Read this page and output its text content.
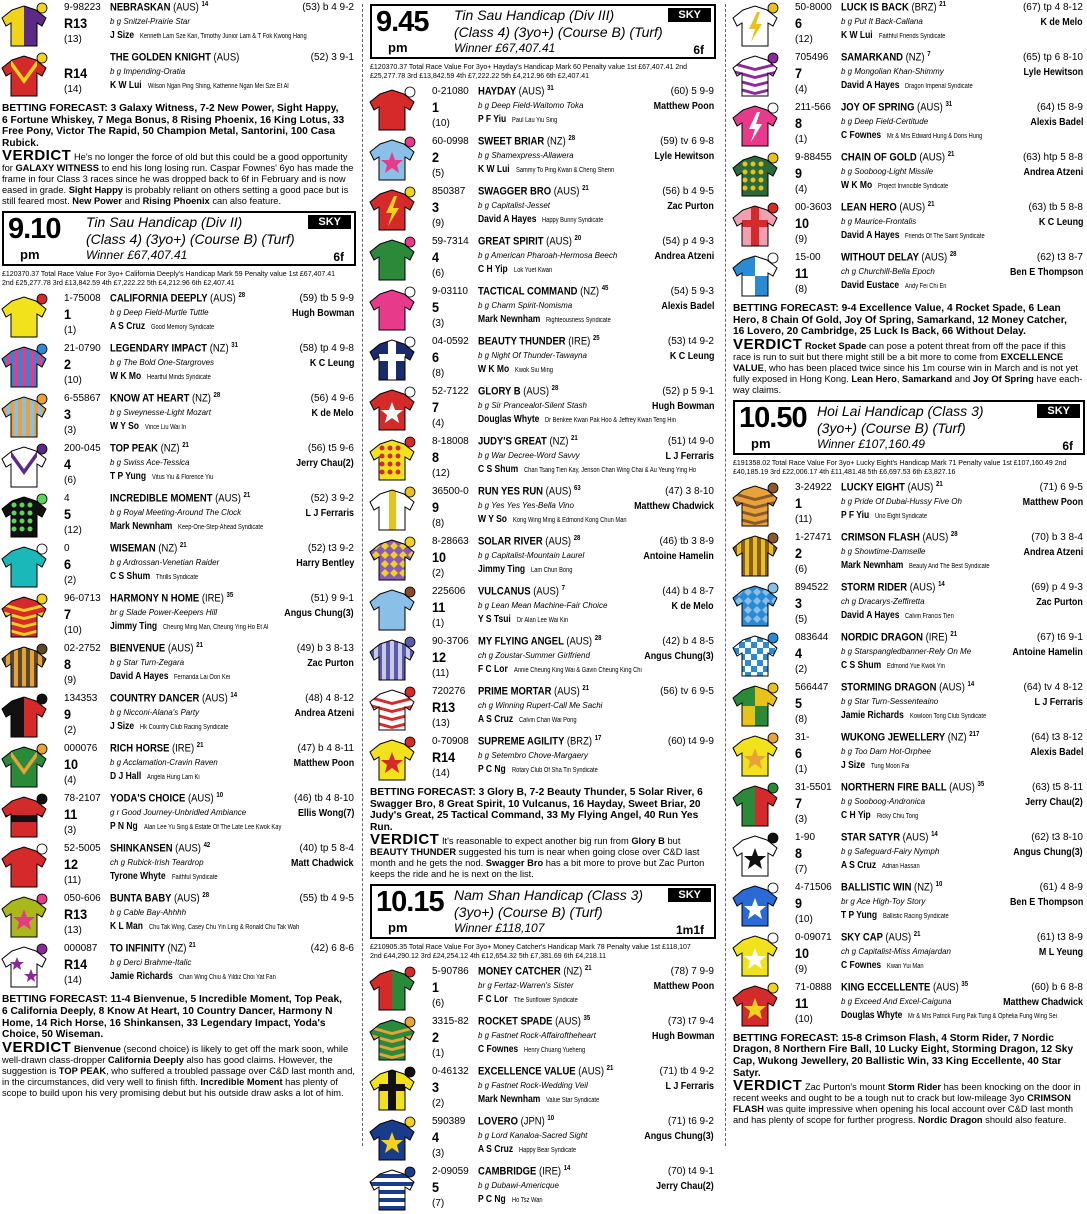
9-98223 NEBRASKAN (AUS) $^{14}$	(53) b 4 9-2
R13
(13)
b g Snitzel-Prairie Star
J Size Kenneth Lam Sze Kan, Timothy Junior Lam & T Fok Kwong Hang
THE GOLDEN KNIGHT (AUS)	(52) 3 9-1
R14
(14)
b g Impending-Oratia
K W Lui Wilson Ngan Ping Shing, Katherine Ngan Mei Sze Et Al
BETTING FORECAST: 3 Galaxy Witness, 7-2 New Power, Sight Happy, 6 Fortune Whiskey, 7 Mega Bonus, 8 Rising Phoenix, 16 King Lotus, 33 Free Pony, Victor The Rapid, 50 Champion Metal, Santorini, 100 Casa Rubick.
VERDICT He's no longer the force of old but this could be a good opportunity for GALAXY WITNESS to end his long losing run. Caspar Fownes' 6yo has made the frame in four Class 3 races since he was dropped back to 6f in February and is now eased in grade. Sight Happy is probably reliant on others setting a good pace but is still feared most. New Power and Rising Phoenix can also feature.
9.10
pm
Tin Sau Handicap (Div II)
(Class 4) (3yo+) (Course B) (Turf)
Winner £67,407.41
SKY
6f
£120370.37 Total Race Value For 3yo+ California Deeply's Handicap Mark 59 Penalty value 1st £67,407.41 2nd £25,277.78 3rd £13,842.59 4th £7,222.22 5th £4,212.96 6th £2,407.41
1-75008 CALIFORNIA DEEPLY (AUS) $^{28}$	(59) tb 5 9-9
1
(1)
b g Deep Field-Murtle Tuttle	Hugh Bowman
A S Cruz Good Memory Syndicate
21-0790 LEGENDARY IMPACT (NZ) $^{31}$	(58) tp 4 9-8
2
(10)
b g The Bold One-Stargroves	K C Leung
W K Mo Heartful Minds Syndicate
6-55867 KNOW AT HEART (NZ) $^{28}$	(56) 4 9-6
3
(3)
b g Sweynesse-Light Mozart	K de Melo
W Y So Vince Liu Wai In
200-045 TOP PEAK (NZ) $^{21}$	(56) t5 9-6
4
(6)
b g Swiss Ace-Tessica	Jerry Chau(2)
T P Yung Vitus Yiu & Florence Yiu
4	INCREDIBLE MOMENT (AUS) $^{21}$	(52) 3 9-2
5
(12)
b g Royal Meeting-Around The Clock	L J Ferraris
Mark Newnham Keep-One-Step-Ahead Syndicate
0	WISEMAN (NZ) $^{21}$	(52) t3 9-2
6
(2)
b g Ardrossan-Venetian Raider	Harry Bentley
C S Shum Thrills Syndicate
96-0713 HARMONY N HOME (IRE) $^{35}$	(51) 9 9-1
7
(10)
br g Slade Power-Keepers Hill	Angus Chung(3)
Jimmy Ting Cheung Ming Man, Cheung Ying Ho Et Al
02-2752 BIENVENUE (AUS) $^{21}$	(49) b 3 8-13
8
(9)
b g Star Turn-Zegara	Zac Purton
David A Hayes Fernanda Lai Oon Kei
134353 COUNTRY DANCER (AUS) $^{14}$	(48) 4 8-12
9
(2)
b g Nicconi-Alana's Party	Andrea Atzeni
J Size Hk Country Club Racing Syndicate
000076 RICH HORSE (IRE) $^{21}$	(47) b 4 8-11
10
(4)
b g Acclamation-Cravin Raven	Matthew Poon
D J Hall Angela Hung Lam Ki
78-2107 YODA'S CHOICE (AUS) $^{10}$	(46) tb 4 8-10
11
(3)
g r Good Journey-Unbridled Ambiance	Ellis Wong(7)
P N Ng Alan Lee Yu Sing & Estate Of The Late Lee Kwok Kay
52-5005 SHINKANSEN (AUS) $^{42}$	(40) tp 5 8-4
12
(11)
ch g Rubick-Irish Teardrop	Matt Chadwick
Tyrone Whyte Faithful Syndicate
050-606 BUNTA BABY (AUS) $^{28}$	(55) tb 4 9-5
R13
(13)
b g Cable Bay-Ahhhh
K L Man Chu Tak Wing, Casey Chu Yin Ling & Ronald Chu Tak Wah
000087 TO INFINITY (NZ) $^{21}$	(42) 6 8-6
R14
(14)
b g Derci Brahme-Italic
Jamie Richards Chan Wing Chiu & Yildiz Choi Yat Fan
BETTING FORECAST: 11-4 Bienvenue, 5 Incredible Moment, Top Peak, 6 California Deeply, 8 Know At Heart, 10 Country Dancer, Harmony N Home, 14 Rich Horse, 16 Shinkansen, 33 Legendary Impact, Yoda's Choice, 50 Wiseman.
VERDICT Bienvenue (second choice) is likely to get off the mark soon, while well-drawn class-dropper California Deeply also has good claims. However, the suggestion is TOP PEAK, who suffered a troubled passage over C&D last month and, in the circumstances, did very well to finish fifth. Incredible Moment has plenty of scope to build upon his very promising debut but his outside draw asks a lot of him.
9.45
pm
Tin Sau Handicap (Div III)
(Class 4) (3yo+) (Course B) (Turf)
Winner £67,407.41
SKY
6f
£120370.37 Total Race Value For 3yo+ Hayday's Handicap Mark 60 Penalty value 1st £67,407.41 2nd £25,277.78 3rd £13,842.59 4th £7,222.22 5th £4,212.96 6th £2,407.41
0-21080 HAYDAY (AUS) $^{31}$	(60) 5 9-9
1
(10)
b g Deep Field-Waitomo Toka	Matthew Poon
P F Yiu Paul Lau Yiu Sing
60-0998 SWEET BRIAR (NZ) $^{28}$	(59) tv 6 9-8
2
(5)
b g Shamexpress-Allawera	Lyle Hewitson
K W Lui Sammy To Ping Kwan & Cheng Shenn
850387 SWAGGER BRO (AUS) $^{21}$	(56) b 4 9-5
3
(9)
b g Capitalist-Jesset	Zac Purton
David A Hayes Happy Bunny Syndicate
59-7314 GREAT SPIRIT (AUS) $^{20}$	(54) p 4 9-3
4
(6)
b g American Pharoah-Hermosa Beech	Andrea Atzeni
C H Yip Lok Yuet Kwan
9-03110 TACTICAL COMMAND (NZ) $^{45}$	(54) 5 9-3
5
(3)
b g Charm Spirit-Nomisma	Alexis Badel
Mark Newnham Righteousness Syndicate
04-0592 BEAUTY THUNDER (IRE) $^{25}$	(53) t4 9-2
6
(8)
b g Night Of Thunder-Tawayna	K C Leung
W K Mo Kwok Siu Ming
52-7122 GLORY B (AUS) $^{28}$	(52) p 5 9-1
7
(4)
b g Sir Prancealot-Silent Stash	Hugh Bowman
Douglas Whyte Dr Benkee Kwan Pak Hoo & Jeffrey Kwan Teng Hin
8-18008 JUDY'S GREAT (NZ) $^{21}$	(51) t4 9-0
8
(12)
b g War Decree-Word Savvy	L J Ferraris
C S Shum Chan Tsang Tien Kay, Jenson Chan Wing Chai & Au Yeung Ying Ho
36500-0 RUN YES RUN (AUS) $^{63}$	(47) 3 8-10
9
(8)
b g Yes Yes Yes-Bella Vino	Matthew Chadwick
W Y So Kong Wing Ming & Edmond Kong Chun Man
8-28663 SOLAR RIVER (AUS) $^{28}$	(46) tb 3 8-9
10
(2)
b g Capitalist-Mountain Laurel	Antoine Hamelin
Jimmy Ting Lam Chun Bong
225606 VULCANUS (AUS) $^7$	(44) b 4 8-7
11
(1)
b g Lean Mean Machine-Fair Choice	K de Melo
Y S Tsui Dr Alan Lee Wai Kin
90-3706 MY FLYING ANGEL (AUS) $^{28}$	(42) b 4 8-5
12
(11)
ch g Zoustar-Summer Girlfriend	Angus Chung(3)
F C Lor Annie Cheung King Wai & Gavin Cheung King Chi
720276 PRIME MORTAR (AUS) $^{21}$	(56) tv 6 9-5
R13
(13)
ch g Winning Rupert-Call Me Sachi
A S Cruz Calvin Chan Wai Pong
0-70908 SUPREME AGILITY (BRZ) $^{17}$	(60) t4 9-9
R14
(14)
b g Setembro Chove-Margaery
P C Ng Rotary Club Of Sha Tin Syndicate
BETTING FORECAST: 3 Glory B, 7-2 Beauty Thunder, 5 Solar River, 6 Swagger Bro, 8 Great Spirit, 10 Vulcanus, 16 Hayday, Sweet Briar, 20 Judy's Great, 25 Tactical Command, 33 My Flying Angel, 40 Run Yes Run.
VERDICT It's reasonable to expect another big run from Glory B but BEAUTY THUNDER suggested his turn is near when going close over C&D last month and he gets the nod. Swagger Bro has a bit more to prove but Zac Purton keeps the ride and he is next on the list.
10.15
pm
Nam Shan Handicap (Class 3)
(3yo+) (Course B) (Turf)
Winner £118,107
SKY
1m1f
£210905.35 Total Race Value For 3yo+ Money Catcher's Handicap Mark 78 Penalty value 1st £118,107 2nd £44,290.12 3rd £24,254.12 4th £12,654.32 5th £7,381.69 6th £4,218.11
5-90786 MONEY CATCHER (NZ) $^{21}$	(78) 7 9-9
1
(6)
br g Fertaz-Warren's Sister	Matthew Poon
F C Lor The Sunflower Syndicate
3315-82 ROCKET SPADE (AUS) $^{35}$	(73) t7 9-4
2
(1)
b g Fastnet Rock-Affairoftheheart	Hugh Bowman
C Fownes Henry Chuang Yueheng
0-46132 EXCELLENCE VALUE (AUS) $^{21}$	(71) tb 4 9-2
3
(2)
b g Fastnet Rock-Wedding Veil	L J Ferraris
Mark Newnham Value Star Syndicate
590389 LOVERO (JPN) $^{10}$	(71) t6 9-2
4
(3)
b g Lord Kanaloa-Sacred Sight	Angus Chung(3)
A S Cruz Happy Bear Syndicate
2-09059 CAMBRIDGE (IRE) $^{14}$	(70) t4 9-1
5
(7)
b g Dubawi-Americque	Jerry Chau(2)
P C Ng Ho Tsz Wan
50-8000 LUCK IS BACK (BRZ) $^{21}$	(67) tp 4 8-12
6
(12)
b g Put It Back-Callana	K de Melo
K W Lui Faithful Friends Syndicate
705496 SAMARKAND (NZ) $^7$	(65) tp 6 8-10
7
(4)
b g Mongolian Khan-Shimmy	Lyle Hewitson
David A Hayes Dragon Imperial Syndicate
211-566 JOY OF SPRING (AUS) $^{31}$	(64) t5 8-9
8
(1)
b g Deep Field-Certitude	Alexis Badel
C Fownes Mr & Mrs Edward Hung & Doris Hung
9-88455 CHAIN OF GOLD (AUS) $^{21}$	(63) htp 5 8-8
9
(4)
b g Sooboog-Light Missile	Andrea Atzeni
W K Mo Project Invincible Syndicate
00-3603 LEAN HERO (AUS) $^{21}$	(63) tb 5 8-8
10
(9)
b g Maurice-Frontalis	K C Leung
David A Hayes Friends Of The Saint Syndicate
15-00 WITHOUT DELAY (AUS) $^{28}$	(62) t3 8-7
11
(8)
ch g Churchill-Bella Epoch	Ben E Thompson
David Eustace Andy Fei Chi En
BETTING FORECAST: 9-4 Excellence Value, 4 Rocket Spade, 6 Lean Hero, 8 Chain Of Gold, Joy Of Spring, Samarkand, 12 Money Catcher, 16 Lovero, 20 Cambridge, 25 Luck Is Back, 66 Without Delay.
VERDICT Rocket Spade can pose a potent threat from off the pace if this race is run to suit but there might still be a bit more to come from EXCELLENCE VALUE, who has been placed twice since his 1m course win in March and is not yet fully exposed in Hong Kong. Lean Hero, Samarkand and Joy Of Spring have each-way claims.
10.50
pm
Hoi Lai Handicap (Class 3)
(3yo+) (Course B) (Turf)
Winner £107,160.49
SKY
6f
£191358.02 Total Race Value For 3yo+ Lucky Eight's Handicap Mark 71 Penalty value 1st £107,160.49 2nd £40,185.19 3rd £22,006.17 4th £11,481.48 5th £6,697.53 6th £3,827.16
3-24922 LUCKY EIGHT (AUS) $^{21}$	(71) 6 9-5
1
(11)
b g Pride Of Dubai-Hussy Five Oh	Matthew Poon
P F Yiu Uno Eight Syndicate
1-27471 CRIMSON FLASH (AUS) $^{28}$	(70) b 3 8-4
2
(6)
b g Showtime-Damselle	Andrea Atzeni
Mark Newnham Beauty And The Best Syndicate
894522 STORM RIDER (AUS) $^{14}$	(69) p 4 9-3
3
(5)
ch g Dracarys-Zeffiretta	Zac Purton
David A Hayes Calvin Francis Tien
083644 NORDIC DRAGON (IRE) $^{21}$	(67) t6 9-1
4
(2)
b g Starspangledbanner-Rely On Me	Antoine Hamelin
C S Shum Edmond Yue Kwok Yin
566447 STORMING DRAGON (AUS) $^{14}$	(64) tv 4 8-12
5
(8)
b g Star Turn-Sessenteaino	L J Ferraris
Jamie Richards Kowloon Tong Club Syndicate
31-	WUKONG JEWELLERY (NZ) $^{217}$	(64) t3 8-12
6
(1)
b g Too Darn Hot-Orphee	Alexis Badel
J Size Tung Moon Fai
31-5501 NORTHERN FIRE BALL (AUS) $^{35}$	(63) t5 8-11
7
(3)
b g Sooboog-Andronica	Jerry Chau(2)
C H Yip Ricky Chiu Tong
1-90 STAR SATYR (AUS) $^{14}$	(62) t3 8-10
8
(7)
b g Safeguard-Fairy Nymph	Angus Chung(3)
A S Cruz Adrian Hassan
4-71506 BALLISTIC WIN (NZ) $^{10}$	(61) 4 8-9
9
(10)
br g Ace High-Toy Story	Ben E Thompson
T P Yung Ballistic Racing Syndicate
0-09071 SKY CAP (AUS) $^{21}$	(61) t3 8-9
10
(9)
ch g Capitalist-Miss Amajardan	M L Yeung
C Fownes Kwan Yui Man
71-0888 KING ECCELLENTE (AUS) $^{35}$	(60) b 6 8-8
11
(10)
b g Exceed And Excel-Caiguna	Matthew Chadwick
Douglas Whyte Mr & Mrs Patrick Fung Pak Tung & Ophelia Fung Wing Sei
BETTING FORECAST: 15-8 Crimson Flash, 4 Storm Rider, 7 Nordic Dragon, 8 Northern Fire Ball, 10 Lucky Eight, Storming Dragon, 12 Sky Cap, Wukong Jewellery, 20 Ballistic Win, 33 King Eccellente, 40 Star Satyr.
VERDICT Zac Purton's mount Storm Rider has been knocking on the door in recent weeks and ought to be a tough nut to crack but low-mileage 3yo CRIMSON FLASH was quite impressive when opening his local account over C&D last month and has plenty of scope for further progress. Nordic Dragon should also feature.
